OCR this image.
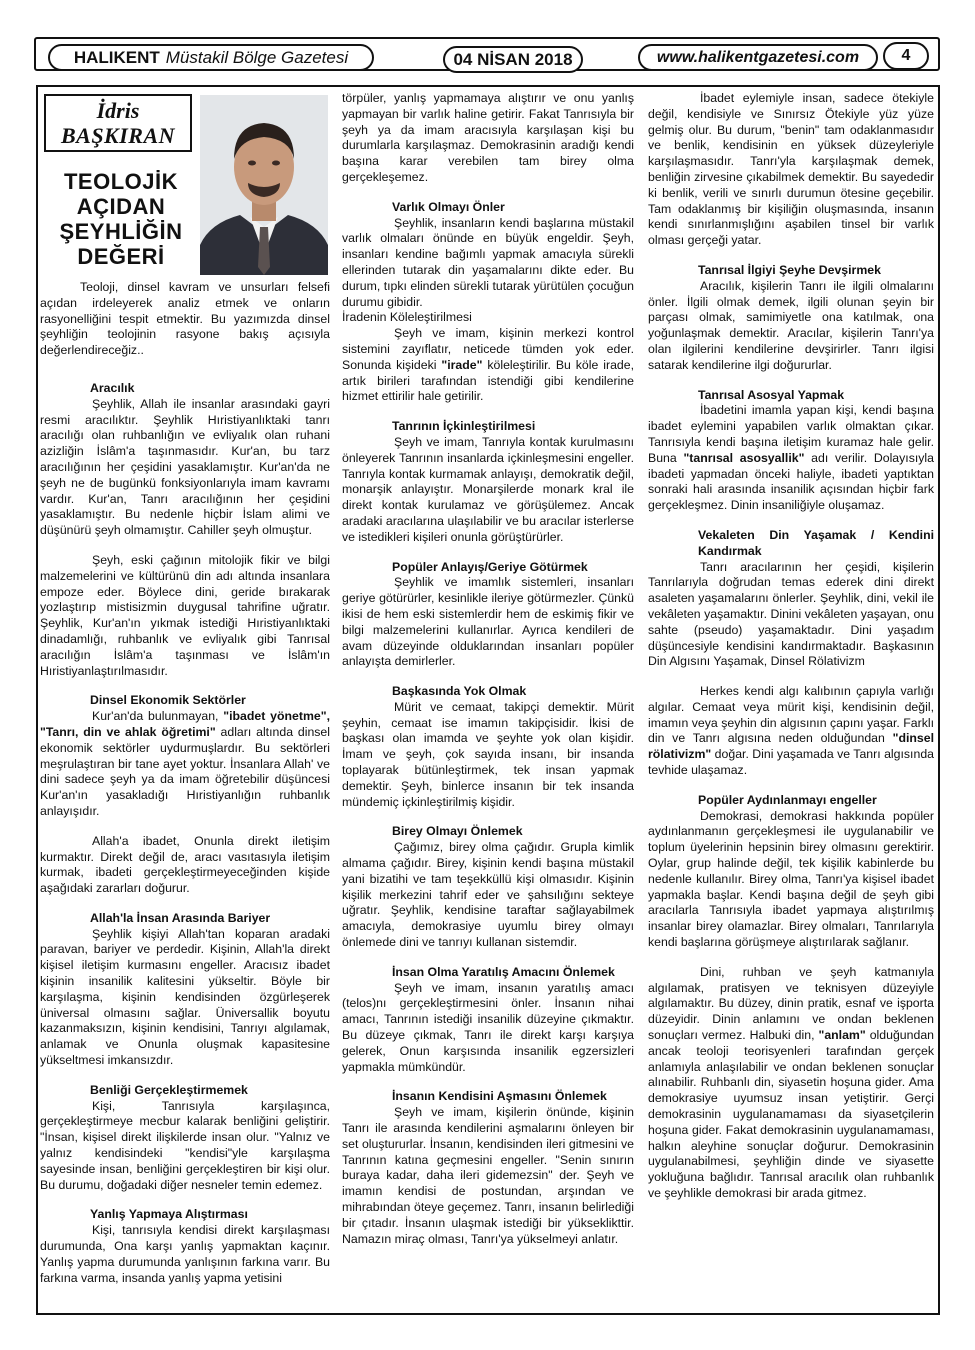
HALIKENT Müstakil Bölge Gazetesi	04 NİSAN 2018	www.halikentgazetesi.com	4
İdris
BAŞKIRAN
TEOLOJİK
AÇIDAN
ŞEYHLİĞİN
DEĞERİ

Teoloji, dinsel kavram ve unsurları felsefi açıdan irdeleyerek analiz etmek ve onların rasyonelliğini tespit etmektir. Bu yazımızda dinsel şeyhliğin teolojinin rasyone bakış açısıyla değerlendireceğiz..

Aracılık

Şeyhlik, Allah ile insanlar arasındaki gayri resmi aracılıktır. Şeyhlik Hıristiyanlıktaki tanrı aracılığı olan ruhbanlığın ve evliyalık olan ruhani azizliğin İslâm'a taşınmasıdır. Kur'an, bu tarz aracılığının her çeşidini yasaklamıştır. Kur'an'da ne şeyh ne de bugünkü fonksiyonlarıyla imam kavramı vardır. Kur'an, Tanrı aracılığının her çeşidini yasaklamıştır. Bu nedenle hiçbir İslam alimi ve düşünürü şeyh olmamıştır. Cahiller şeyh olmuştur.

Şeyh, eski çağının mitolojik fikir ve bilgi malzemelerini ve kültürünü din adı altında insanlara empoze eder. Böylece dini, geride bırakarak yozlaştırıp mistisizmin duygusal tahrifine uğratır. Şeyhlik, Kur'an'ın yıkmak istediği Hıristiyanlıktaki dinadamlığı, ruhbanlık ve evliyalık gibi Tanrısal aracılığın İslâm'a taşınması ve İslâm'ın Hıristiyanlaştırılmasıdır.

Dinsel Ekonomik Sektörler

Kur'an'da bulunmayan, "ibadet yönetme", "Tanrı, din ve ahlak öğretimi" adları altında dinsel ekonomik sektörler uydurmuşlardır. Bu sektörleri meşrulaştıran bir tane ayet yoktur. İnsanlara Allah' ve dini sadece şeyh ya da imam öğretebilir düşüncesi Kur'an'ın yasakladığı Hıristiyanlığın ruhbanlık anlayışıdır.

Allah'a ibadet, Onunla direkt iletişim kurmaktır. Direkt değil de, aracı vasıtasıyla iletişim kurmak, ibadeti gerçekleştirmeyeceğinden kişide aşağıdaki zararları doğurur.

Allah'la İnsan Arasında Bariyer

Şeyhlik kişiyi Allah'tan koparan aradaki paravan, bariyer ve perdedir. Kişinin, Allah'la direkt kişisel iletişim kurmasını engeller. Aracısız ibadet kişinin insanilik kalitesini yükseltir. Böyle bir karşılaşma, kişinin kendisinden özgürleşerek üniversal olmasını sağlar. Üniversallik boyutu kazanmaksızın, kişinin kendisini, Tanrıyı algılamak, anlamak ve Onunla oluşmak kapasitesine yükseltmesi imkansızdır.

Benliği Gerçekleştirmemek

Kişi, Tanrısıyla karşılaşınca, gerçekleştirmeye mecbur kalarak benliğini geliştirir. "İnsan, kişisel direkt ilişkilerde insan olur. "Yalnız ve yalnız kendisindeki "kendisi"yle karşılaşma sayesinde insan, benliğini gerçekleştiren bir kişi olur. Bu durumu, doğadaki diğer nesneler temin edemez.

Yanlış Yapmaya Alıştırması

Kişi, tanrısıyla kendisi direkt karşılaşması durumunda, Ona karşı yanlış yapmaktan kaçınır. Yanlış yapma durumunda yanlışının farkına varır. Bu farkına varma, insanda yanlış yapma yetisini

törpüler, yanlış yapmamaya alıştırır ve onu yanlış yapmayan bir varlık haline getirir. Fakat Tanrısıyla bir şeyh ya da imam aracısıyla karşılaşan kişi bu durumlarla karşılaşmaz. Demokrasinin aradığı kendi başına karar verebilen tam birey olma gerçekleşemez.

Varlık Olmayı Önler

Şeyhlik, insanların kendi başlarına müstakil varlık olmaları önünde en büyük engeldir. Şeyh, insanları kendine bağımlı yapmak amacıyla sürekli ellerinden tutarak din yaşamalarını dikte eder. Bu durum, tıpkı elinden sürekli tutarak yürütülen çocuğun durumu gibidir.

İradenin Köleleştirilmesi

Şeyh ve imam, kişinin merkezi kontrol sistemini zayıflatır, neticede tümden yok eder. Sonunda kişideki "irade" köleleştirilir. Bu köle irade, artık birileri tarafından istendiği gibi kendilerine hizmet ettirilir hale getirilir.

Tanrının İçkinleştirilmesi

Şeyh ve imam, Tanrıyla kontak kurulmasını önleyerek Tanrının insanlarda içkinleşmesini engeller. Tanrıyla kontak kurmamak anlayışı, demokratik değil, monarşik anlayıştır. Monarşilerde monark kral ile direkt kontak kurulamaz ve görüşülemez. Ancak aradaki aracılarına ulaşılabilir ve bu aracılar isterlerse ve istedikleri kişileri onunla görüştürürler.

Popüler Anlayış/Geriye Götürmek

Şeyhlik ve imamlık sistemleri, insanları geriye götürürler, kesinlikle ileriye götürmezler. Çünkü ikisi de hem eski sistemlerdir hem de eskimiş fikir ve bilgi malzemelerini kullanırlar. Ayrıca kendileri de avam düzeyinde olduklarından insanları popüler anlayışta demirlerler.

Başkasında Yok Olmak

Mürit ve cemaat, takipçi demektir. Mürit şeyhin, cemaat ise imamın takipçisidir. İkisi de başkası olan imamda ve şeyhte yok olan kişidir. İmam ve şeyh, çok sayıda insanı, bir insanda toplayarak bütünleştirmek, tek insan yapmak demektir. Şeyh, binlerce insanın bir tek insanda mündemiç içkinleştirilmiş kişidir.

Birey Olmayı Önlemek

Çağımız, birey olma çağıdır. Grupla kimlik almama çağıdır. Birey, kişinin kendi başına müstakil yani bizatihi ve tam teşekküllü kişi olmasıdır. Kişinin kişilik merkezini tahrif eder ve şahsılığını sekteye uğratır. Şeyhlik, kendisine taraftar sağlayabilmek amacıyla, demokrasiye uyumlu birey olmayı önlemede dini ve tanrıyı kullanan sistemdir.

İnsan Olma Yaratılış Amacını Önlemek

Şeyh ve imam, insanın yaratılış amacı (telos)nı gerçekleştirmesini önler. İnsanın nihai amacı, Tanrının istediği insanilik düzeyine çıkmaktır. Bu düzeye çıkmak, Tanrı ile direkt karşı karşıya gelerek, Onun karşısında insanilik egzersizleri yapmakla mümkündür.

İnsanın Kendisini Aşmasını Önlemek

Şeyh ve imam, kişilerin önünde, kişinin Tanrı ile arasında kendilerini aşmalarını önleyen bir set oluştururlar. İnsanın, kendisinden ileri gitmesini ve Tanrının katına geçmesini engeller. "Senin sınırın buraya kadar, daha ileri gidemezsin" der. Şeyh ve imamın kendisi de postundan, arşından ve mihrabından öteye geçemez. Tanrı, insanın belirlediği bir çıtadır. İnsanın ulaşmak istediği bir yükseklikttir. Namazın miraç olması, Tanrı'ya yükselmeyi anlatır.

İbadet eylemiyle insan, sadece ötekiyle değil, kendisiyle ve Sınırsız Ötekiyle yüz yüze gelmiş olur. Bu durum, "benin" tam odaklanmasıdır ve benlik, kendisinin en yüksek düzeyleriyle karşılaşmasıdır. Tanrı'yla karşılaşmak demek, benliğin zirvesine çıkabilmek demektir. Bu sayededir ki benlik, verili ve sınırlı durumun ötesine geçebilir. Tam odaklanmış bir kişiliğin oluşmasında, insanın kendi sınırlanmışlığını aşabilen tinsel bir varlık olması gerçeği yatar.

Tanrısal İlgiyi Şeyhe Devşirmek

Aracılık, kişilerin Tanrı ile ilgili olmalarını önler. İlgili olmak demek, ilgili olunan şeyin bir parçası olmak, samimiyetle ona katılmak, ona yoğunlaşmak demektir. Aracılar, kişilerin Tanrı'ya olan ilgilerini kendilerine devşirirler. Tanrı ilgisi satarak kendilerine ilgi doğururlar.

Tanrısal Asosyal Yapmak

İbadetini imamla yapan kişi, kendi başına ibadet eylemini yapabilen varlık olmaktan çıkar. Tanrısıyla kendi başına iletişim kuramaz hale gelir. Buna "tanrısal asosyallik" adı verilir. Dolayısıyla ibadeti yapmadan önceki haliyle, ibadeti yaptıktan sonraki hali arasında insanilik açısından hiçbir fark gerçekleşmez. Dinin insaniliğiyle oluşamaz.

Vekaleten Din Yaşamak / Kendini Kandırmak

Tanrı aracılarının her çeşidi, kişilerin Tanrılarıyla doğrudan temas ederek dini direkt asaleten yaşamalarını önlerler. Şeyhlik, dini, vekil ile vekâleten yaşamaktır. Dinini vekâleten yaşayan, onu sahte (pseudo) yaşamaktadır. Dini yaşadım düşüncesiyle kendisini kandırmaktadır. Başkasının Din Algısını Yaşamak, Dinsel Rölativizm

Herkes kendi algı kalıbının çapıyla varlığı algılar. Cemaat veya mürit kişi, kendisinin değil, imamın veya şeyhin din algısının çapını yaşar. Farklı din ve Tanrı algısına neden olduğundan "dinsel rölativizm" doğar. Dini yaşamada ve Tanrı algısında tevhide ulaşamaz.

Popüler Aydınlanmayı engeller

Demokrasi, demokrasi hakkında popüler aydınlanmanın gerçekleşmesi ile uygulanabilir ve toplum üyelerinin hepsinin birey olmasını gerektirir. Oylar, grup halinde değil, tek kişilik kabinlerde bu nedenle kullanılır. Birey olma, Tanrı'ya kişisel ibadet yapmakla başlar. Kendi başına değil de şeyh gibi aracılarla Tanrısıyla ibadet yapmaya alıştırılmış insanlar birey olamazlar. Birey olmaları, Tanrılarıyla kendi başlarına görüşmeye alıştırılarak sağlanır.

Dini, ruhban ve şeyh katmanıyla algılamak, pratisyen ve teknisyen düzeyiyle algılamaktır. Bu düzey, dinin pratik, esnaf ve işporta düzeyidir. Dinin anlamını ve ondan beklenen sonuçları vermez. Halbuki din, "anlam" olduğundan ancak teoloji teorisyenleri tarafından gerçek anlamıyla anlaşılabilir ve ondan beklenen sonuçlar alınabilir. Ruhbanlı din, siyasetin hoşuna gider. Ama demokrasiye uyumsuz insan yetiştirir. Gerçi demokrasinin uygulanamaması da siyasetçilerin hoşuna gider. Fakat demokrasinin uygulanamaması, halkın aleyhine sonuçlar doğurur. Demokrasinin uygulanabilmesi, şeyhliğin dinde ve siyasette yokluğuna bağlıdır. Tanrısal aracılık olan ruhbanlık ve şeyhlikle demokrasi bir arada gitmez.
